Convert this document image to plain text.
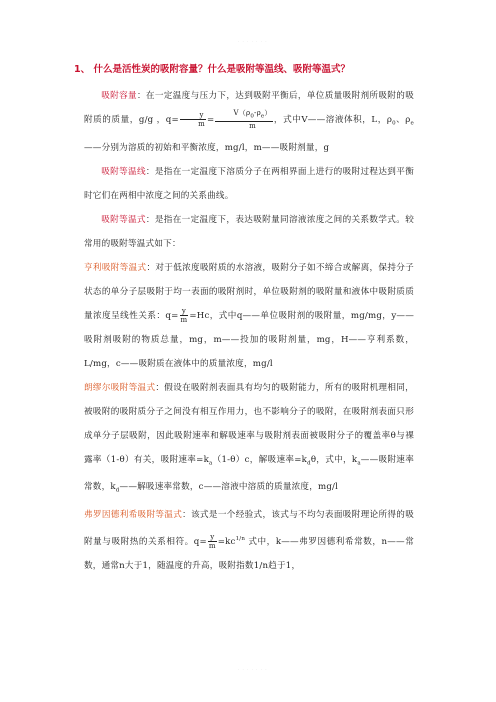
· · · · · · ·
1、 什么是活性炭的吸附容量？什么是吸附等温线、吸附等温式？

吸附容量：在一定温度与压力下，达到吸附平衡后，单位质量吸附剂所吸附的吸附质的质量，g/g ，$q= \frac{y}{m} = \frac{V(\rho_0-\rho_e)}{m}$ ，式中V——溶液体积，L，$\rho_0$、$\rho_e——$分别为溶质的初始和平衡浓度，mg/l，m——吸附剂量，g

吸附等温线：是指在一定温度下溶质分子在两相界面上进行的吸附过程达到平衡时它们在两相中浓度之间的关系曲线。

吸附等温式：是指在一定温度下，表达吸附量同溶液浓度之间的关系数学式。较常用的吸附等温式如下：

亨利吸附等温式：对于低浓度吸附质的水溶液，吸附分子如不缔合或解离，保持分子状态的单分子层吸附于均一表面的吸附剂时，单位吸附剂的吸附量和液体中吸附质质量浓度呈线性关系：$q= \frac{y}{m} =Hc$，式中q——单位吸附剂的吸附量，mg/mg，y——吸附剂吸附的物质总量，mg，m——投加的吸附剂量，mg，H——亨利系数，L/mg，c——吸附质在液体中的质量浓度，mg/l

朗缪尔吸附等温式：假设在吸附剂表面具有均匀的吸附能力，所有的吸附机理相同，被吸附的吸附质分子之间没有相互作用力，也不影响分子的吸附，在吸附剂表面只形成单分子层吸附，因此吸附速率和解吸速率与吸附剂表面被吸附分子的覆盖率θ与裸露率（1-θ）有关，吸附速率$=k_a(1-\theta)c$，解吸速率$=k_d\theta$，式中，$k_a——$吸附速率常数，$k_d——$解吸速率常数，c——溶液中溶质的质量浓度，mg/l

弗罗因德利希吸附等温式：该式是一个经验式，该式与不均匀表面吸附理论所得的吸附量与吸附热的关系相符。$q= \frac{y}{m} =kc^{1/n}$ 式中，k——弗罗因德利希常数，n——常数，通常n大于1，随温度的升高，吸附指数1/n趋于1，

· · · · · · ·
